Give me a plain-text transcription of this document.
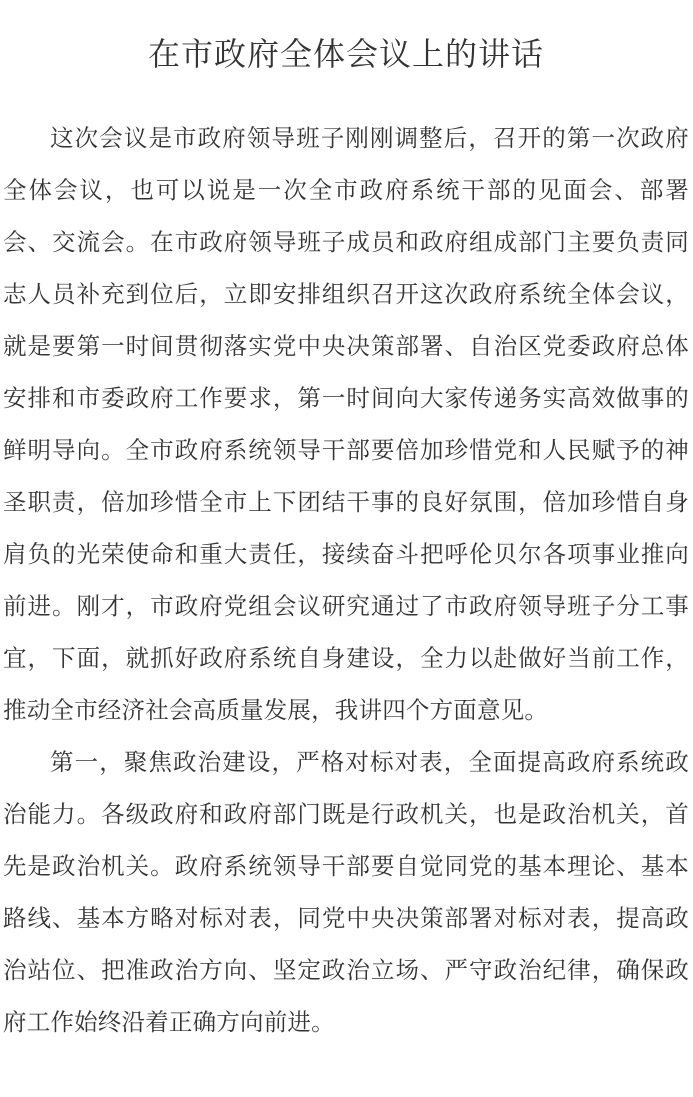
在市政府全体会议上的讲话

这次会议是市政府领导班子刚刚调整后，召开的第一次政府全体会议，也可以说是一次全市政府系统干部的见面会、部署会、交流会。在市政府领导班子成员和政府组成部门主要负责同志人员补充到位后，立即安排组织召开这次政府系统全体会议，就是要第一时间贯彻落实党中央决策部署、自治区党委政府总体安排和市委政府工作要求，第一时间向大家传递务实高效做事的鲜明导向。全市政府系统领导干部要倍加珍惜党和人民赋予的神圣职责，倍加珍惜全市上下团结干事的良好氛围，倍加珍惜自身肩负的光荣使命和重大责任，接续奋斗把呼伦贝尔各项事业推向前进。刚才，市政府党组会议研究通过了市政府领导班子分工事宜，下面，就抓好政府系统自身建设，全力以赴做好当前工作，推动全市经济社会高质量发展，我讲四个方面意见。

第一，聚焦政治建设，严格对标对表，全面提高政府系统政治能力。各级政府和政府部门既是行政机关，也是政治机关，首先是政治机关。政府系统领导干部要自觉同党的基本理论、基本路线、基本方略对标对表，同党中央决策部署对标对表，提高政治站位、把准政治方向、坚定政治立场、严守政治纪律，确保政府工作始终沿着正确方向前进。
